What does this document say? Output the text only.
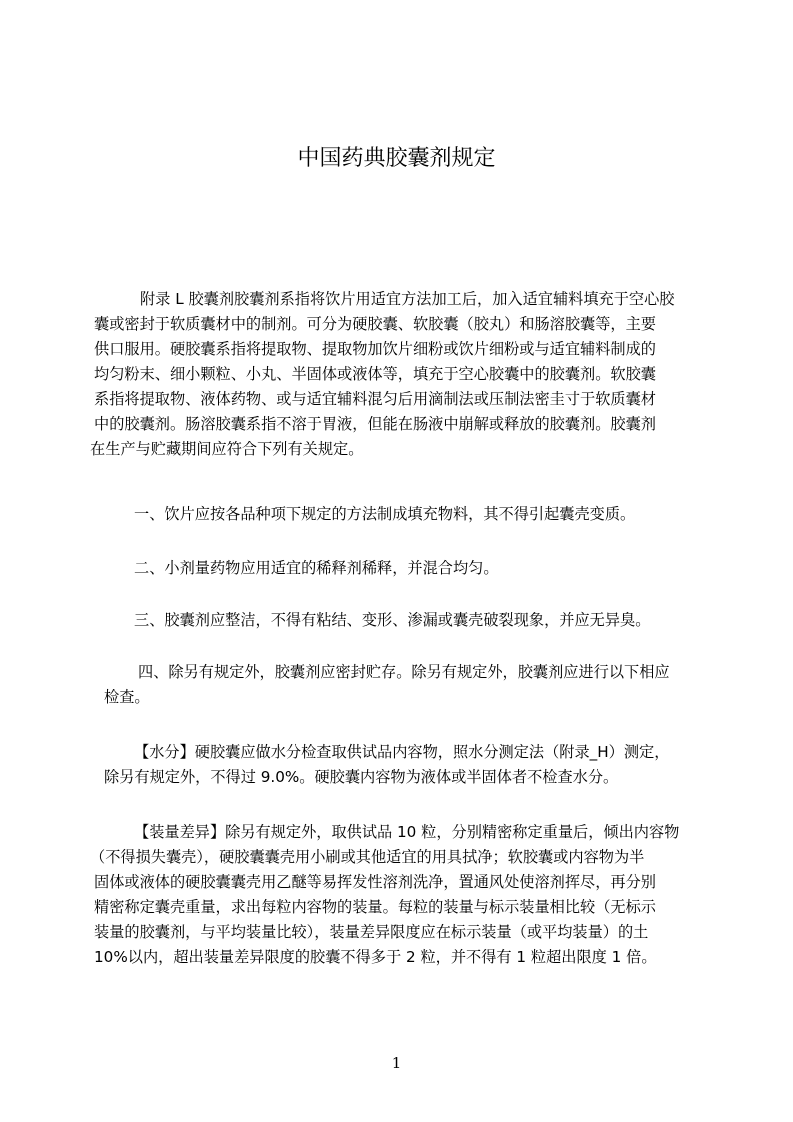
中国药典胶囊剂规定
附录 L 胶囊剂胶囊剂系指将饮片用适宜方法加工后，加入适宜辅料填充于空心胶
囊或密封于软质囊材中的制剂。可分为硬胶囊、软胶囊（胶丸）和肠溶胶囊等，主要
供口服用。硬胶囊系指将提取物、提取物加饮片细粉或饮片细粉或与适宜辅料制成的
均匀粉末、细小颗粒、小丸、半固体或液体等，填充于空心胶囊中的胶囊剂。软胶囊
系指将提取物、液体药物、或与适宜辅料混匀后用滴制法或压制法密圭寸于软质囊材
中的胶囊剂。肠溶胶囊系指不溶于胃液，但能在肠液中崩解或释放的胶囊剂。胶囊剂
在生产与贮藏期间应符合下列有关规定。
一、饮片应按各品种项下规定的方法制成填充物料，其不得引起囊壳变质。
二、小剂量药物应用适宜的稀释剂稀释，并混合均匀。
三、胶囊剂应整洁，不得有粘结、变形、渗漏或囊壳破裂现象，并应无异臭。
四、除另有规定外，胶囊剂应密封贮存。除另有规定外，胶囊剂应进行以下相应
检查。
【水分】硬胶囊应做水分检查取供试品内容物，照水分测定法（附录_H）测定，
除另有规定外，不得过 9.0%。硬胶囊内容物为液体或半固体者不检查水分。
【装量差异】除另有规定外，取供试品 10 粒，分别精密称定重量后，倾出内容物
（不得损失囊壳），硬胶囊囊壳用小刷或其他适宜的用具拭净；软胶囊或内容物为半
固体或液体的硬胶囊囊壳用乙醚等易挥发性溶剂洗净，置通风处使溶剂挥尽，再分别
精密称定囊壳重量，求出每粒内容物的装量。每粒的装量与标示装量相比较（无标示
装量的胶囊剂，与平均装量比较），装量差异限度应在标示装量（或平均装量）的土
10%以内，超出装量差异限度的胶囊不得多于 2 粒，并不得有 1 粒超出限度 1 倍。
1
